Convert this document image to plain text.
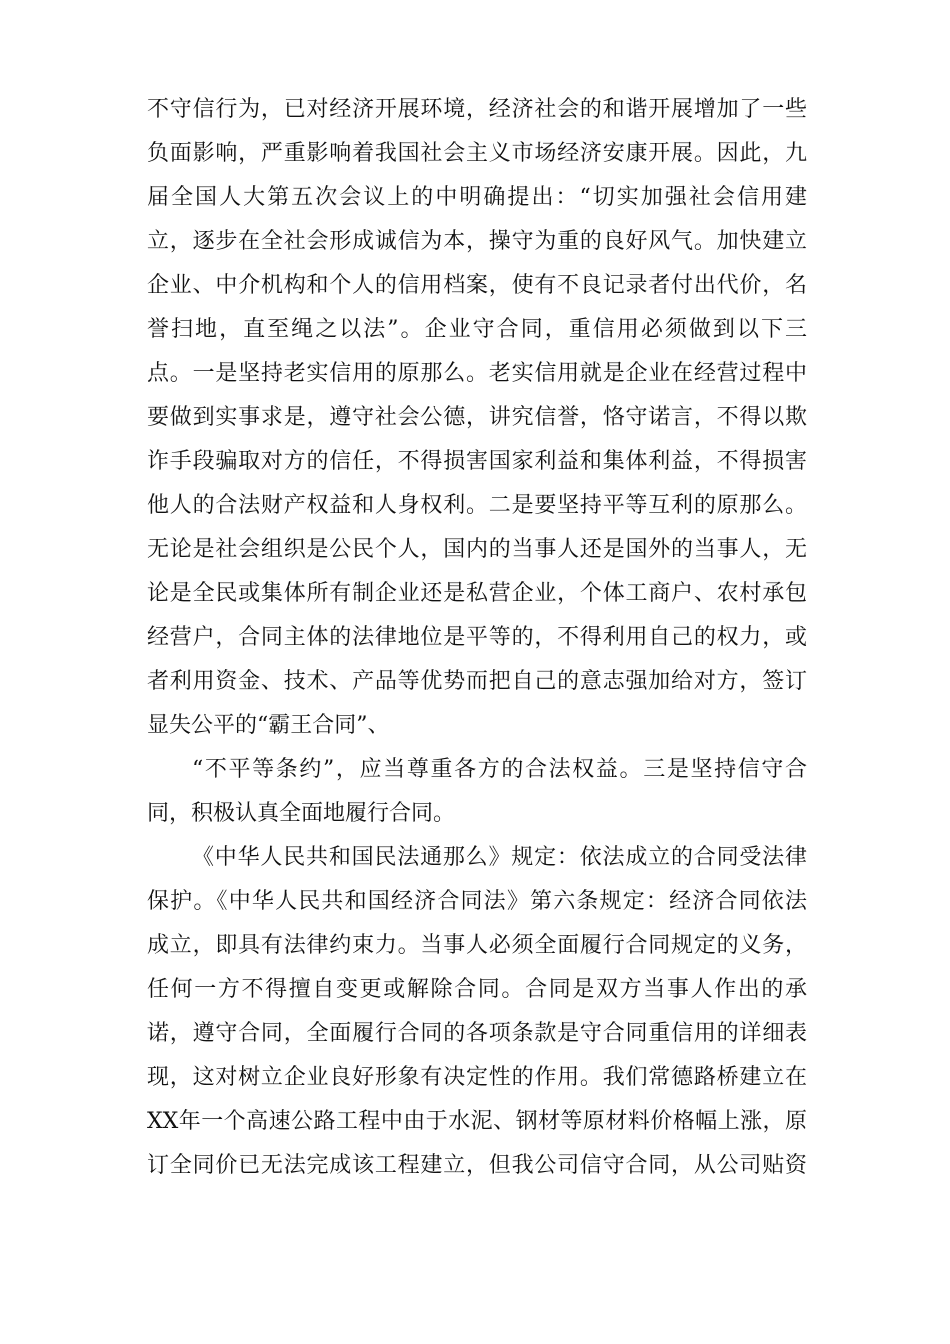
不守信行为，已对经济开展环境，经济社会的和谐开展增加了一些
负面影响，严重影响着我国社会主义市场经济安康开展。因此，九
届全国人大第五次会议上的中明确提出：“切实加强社会信用建
立，逐步在全社会形成诚信为本，操守为重的良好风气。加快建立
企业、中介机构和个人的信用档案，使有不良记录者付出代价，名
誉扫地，直至绳之以法”。企业守合同，重信用必须做到以下三
点。一是坚持老实信用的原那么。老实信用就是企业在经营过程中
要做到实事求是，遵守社会公德，讲究信誉，恪守诺言，不得以欺
诈手段骗取对方的信任，不得损害国家利益和集体利益，不得损害
他人的合法财产权益和人身权利。二是要坚持平等互利的原那么。
无论是社会组织是公民个人，国内的当事人还是国外的当事人，无
论是全民或集体所有制企业还是私营企业，个体工商户、农村承包
经营户，合同主体的法律地位是平等的，不得利用自己的权力，或
者利用资金、技术、产品等优势而把自己的意志强加给对方，签订
显失公平的“霸王合同”、
“不平等条约”，应当尊重各方的合法权益。三是坚持信守合
同，积极认真全面地履行合同。
《中华人民共和国民法通那么》规定：依法成立的合同受法律
保护。《中华人民共和国经济合同法》第六条规定：经济合同依法
成立，即具有法律约束力。当事人必须全面履行合同规定的义务，
任何一方不得擅自变更或解除合同。合同是双方当事人作出的承
诺，遵守合同，全面履行合同的各项条款是守合同重信用的详细表
现，这对树立企业良好形象有决定性的作用。我们常德路桥建立在
XX年一个高速公路工程中由于水泥、钢材等原材料价格幅上涨，原
订全同价已无法完成该工程建立，但我公司信守合同，从公司贴资
